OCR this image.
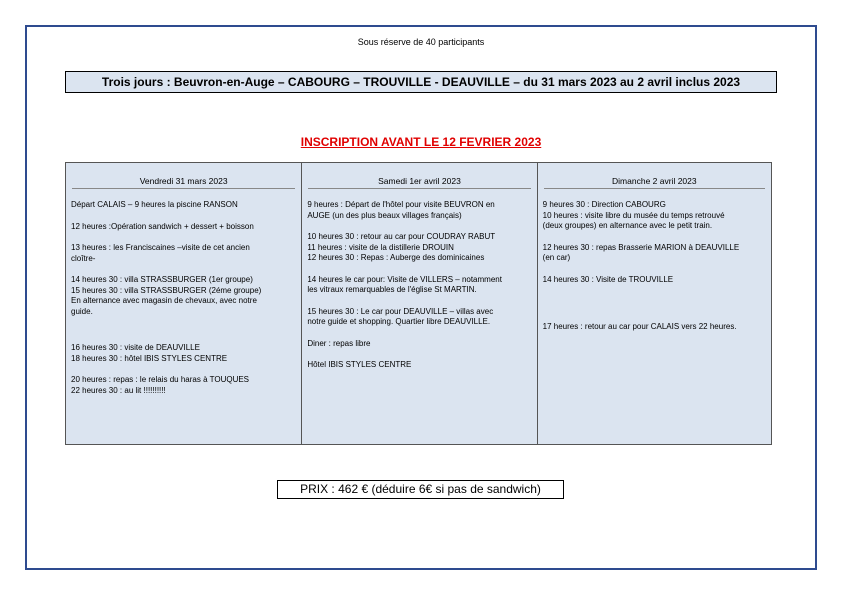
Sous réserve de 40 participants
Trois jours : Beuvron-en-Auge – CABOURG – TROUVILLE - DEAUVILLE – du 31 mars 2023 au 2 avril inclus 2023
INSCRIPTION AVANT LE 12 FEVRIER 2023
Vendredi 31 mars 2023
Départ CALAIS – 9 heures la piscine RANSON
12 heures :Opération sandwich + dessert + boisson
13 heures : les Franciscaines –visite de cet ancien
cloître-
14 heures 30 : villa STRASSBURGER (1er groupe)
15 heures 30 : villa STRASSBURGER (2éme groupe)
En alternance avec magasin de chevaux, avec notre
guide.
16 heures 30 : visite de DEAUVILLE
18 heures 30 : hôtel IBIS STYLES CENTRE
20 heures : repas : le relais du haras à TOUQUES
22 heures 30 : au lit !!!!!!!!!!
Samedi 1er avril 2023
9 heures : Départ de l'hôtel pour visite BEUVRON en
AUGE (un des plus beaux villages français)
10 heures 30 : retour au car pour COUDRAY RABUT
11 heures : visite de la distillerie DROUIN
12 heures 30 : Repas : Auberge des dominicaines
14 heures le car pour: Visite de VILLERS – notamment
les vitraux remarquables de l'église St MARTIN.
15 heures 30 : Le car pour DEAUVILLE – villas avec
notre guide et shopping. Quartier libre DEAUVILLE.
Diner : repas libre
Hôtel IBIS STYLES CENTRE
Dimanche 2 avril 2023
9 heures 30 : Direction CABOURG
10 heures : visite libre du musée du temps retrouvé
(deux groupes) en alternance avec le petit train.
12 heures 30 : repas Brasserie MARION à DEAUVILLE
(en car)
14 heures 30 : Visite de TROUVILLE
17 heures : retour au car pour CALAIS vers 22 heures.
PRIX : 462 € (déduire 6€ si pas de sandwich)
